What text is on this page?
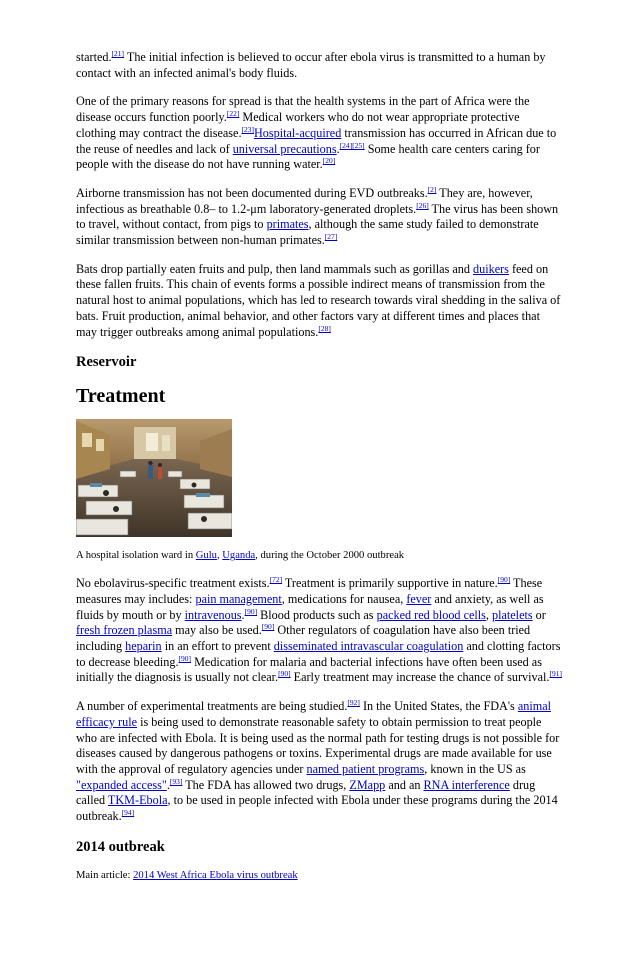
started.[21] The initial infection is believed to occur after ebola virus is transmitted to a human by contact with an infected animal's body fluids.

One of the primary reasons for spread is that the health systems in the part of Africa were the disease occurs function poorly.[22] Medical workers who do not wear appropriate protective clothing may contract the disease.[23]Hospital-acquired transmission has occurred in African due to the reuse of needles and lack of universal precautions.[24][25] Some health care centers caring for people with the disease do not have running water.[20]

Airborne transmission has not been documented during EVD outbreaks.[2] They are, however, infectious as breathable 0.8– to 1.2-μm laboratory-generated droplets.[26] The virus has been shown to travel, without contact, from pigs to primates, although the same study failed to demonstrate similar transmission between non-human primates.[27]

Bats drop partially eaten fruits and pulp, then land mammals such as gorillas and duikers feed on these fallen fruits. This chain of events forms a possible indirect means of transmission from the natural host to animal populations, which has led to research towards viral shedding in the saliva of bats. Fruit production, animal behavior, and other factors vary at different times and places that may trigger outbreaks among animal populations.[28]

Reservoir
Treatment

A hospital isolation ward in Gulu, Uganda, during the October 2000 outbreak

No ebolavirus-specific treatment exists.[72] Treatment is primarily supportive in nature.[90] These measures may includes: pain management, medications for nausea, fever and anxiety, as well as fluids by mouth or by intravenous.[90] Blood products such as packed red blood cells, platelets or fresh frozen plasma may also be used.[90] Other regulators of coagulation have also been tried including heparin in an effort to prevent disseminated intravascular coagulation and clotting factors to decrease bleeding.[90] Medication for malaria and bacterial infections have often been used as initially the diagnosis is usually not clear.[90] Early treatment may increase the chance of survival.[91]

A number of experimental treatments are being studied.[92] In the United States, the FDA's animal efficacy rule is being used to demonstrate reasonable safety to obtain permission to treat people who are infected with Ebola. It is being used as the normal path for testing drugs is not possible for diseases caused by dangerous pathogens or toxins. Experimental drugs are made available for use with the approval of regulatory agencies under named patient programs, known in the US as "expanded access".[93] The FDA has allowed two drugs, ZMapp and an RNA interference drug called TKM-Ebola, to be used in people infected with Ebola under these programs during the 2014 outbreak.[94]

2014 outbreak

Main article: 2014 West Africa Ebola virus outbreak
